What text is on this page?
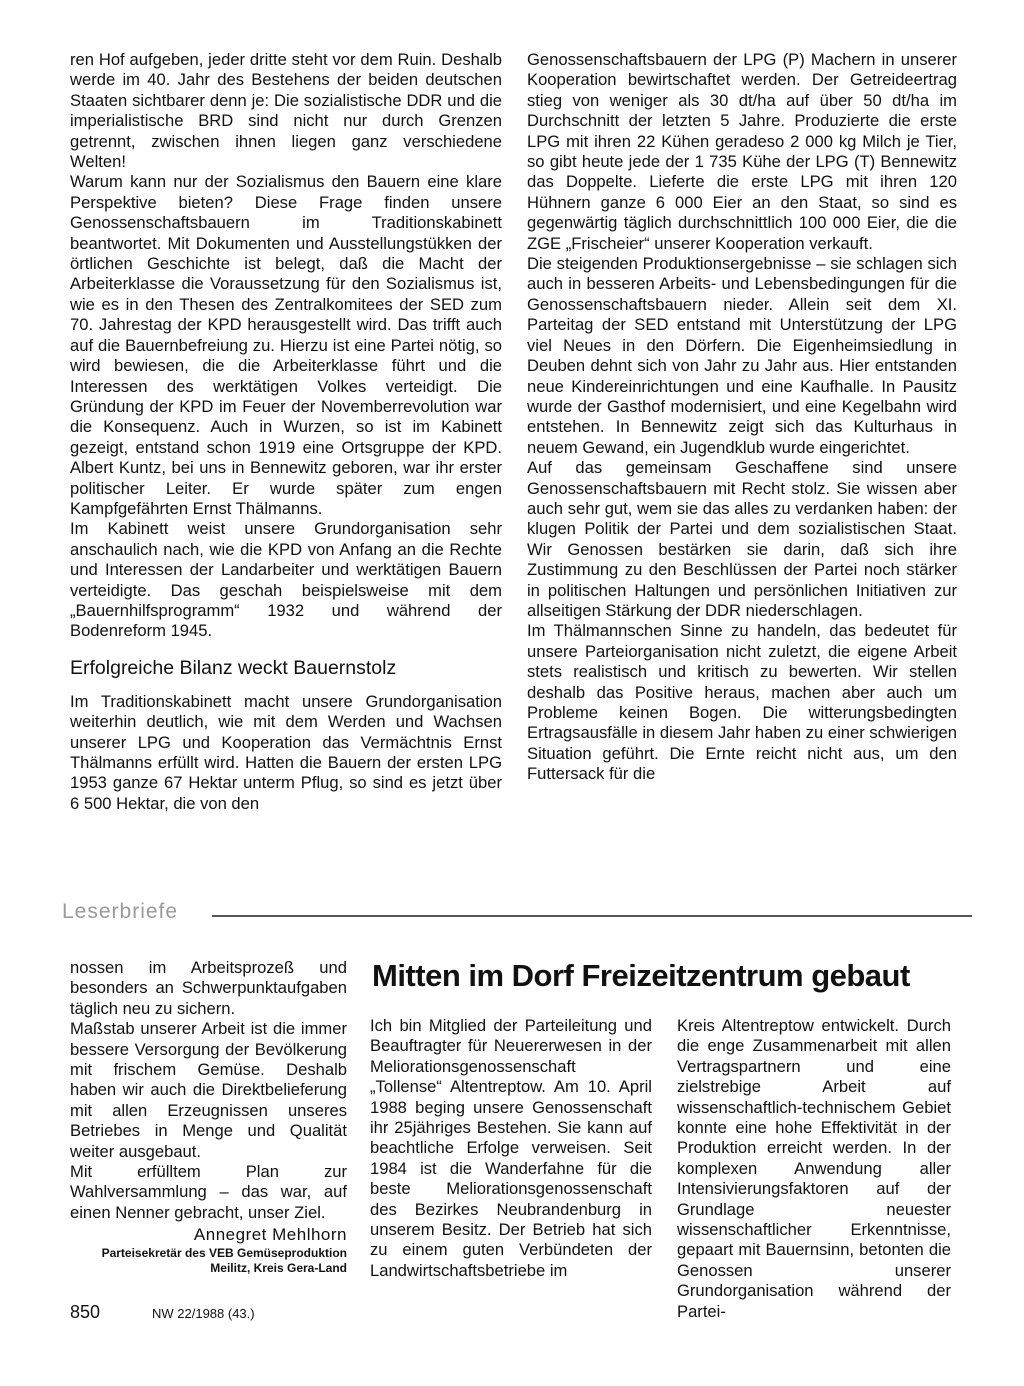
ren Hof aufgeben, jeder dritte steht vor dem Ruin. Deshalb werde im 40. Jahr des Bestehens der beiden deutschen Staaten sichtbarer denn je: Die sozialistische DDR und die imperialistische BRD sind nicht nur durch Grenzen getrennt, zwischen ihnen liegen ganz verschiedene Welten!

Warum kann nur der Sozialismus den Bauern eine klare Perspektive bieten? Diese Frage finden unsere Genossenschaftsbauern im Traditionskabinett beantwortet. Mit Dokumenten und Ausstellungstükken der örtlichen Geschichte ist belegt, daß die Macht der Arbeiterklasse die Voraussetzung für den Sozialismus ist, wie es in den Thesen des Zentralkomitees der SED zum 70. Jahrestag der KPD herausgestellt wird. Das trifft auch auf die Bauernbefreiung zu. Hierzu ist eine Partei nötig, so wird bewiesen, die die Arbeiterklasse führt und die Interessen des werktätigen Volkes verteidigt. Die Gründung der KPD im Feuer der Novemberrevolution war die Konsequenz. Auch in Wurzen, so ist im Kabinett gezeigt, entstand schon 1919 eine Ortsgruppe der KPD. Albert Kuntz, bei uns in Bennewitz geboren, war ihr erster politischer Leiter. Er wurde später zum engen Kampfgefährten Ernst Thälmanns.

Im Kabinett weist unsere Grundorganisation sehr anschaulich nach, wie die KPD von Anfang an die Rechte und Interessen der Landarbeiter und werktätigen Bauern verteidigte. Das geschah beispielsweise mit dem „Bauernhilfsprogramm“ 1932 und während der Bodenreform 1945.

Erfolgreiche Bilanz weckt Bauernstolz

Im Traditionskabinett macht unsere Grundorganisation weiterhin deutlich, wie mit dem Werden und Wachsen unserer LPG und Kooperation das Vermächtnis Ernst Thälmanns erfüllt wird. Hatten die Bauern der ersten LPG 1953 ganze 67 Hektar unterm Pflug, so sind es jetzt über 6 500 Hektar, die von den

Genossenschaftsbauern der LPG (P) Machern in unserer Kooperation bewirtschaftet werden. Der Getreideertrag stieg von weniger als 30 dt/ha auf über 50 dt/ha im Durchschnitt der letzten 5 Jahre. Produzierte die erste LPG mit ihren 22 Kühen geradeso 2 000 kg Milch je Tier, so gibt heute jede der 1 735 Kühe der LPG (T) Bennewitz das Doppelte. Lieferte die erste LPG mit ihren 120 Hühnern ganze 6 000 Eier an den Staat, so sind es gegenwärtig täglich durchschnittlich 100 000 Eier, die die ZGE „Frischeier“ unserer Kooperation verkauft.

Die steigenden Produktionsergebnisse – sie schlagen sich auch in besseren Arbeits- und Lebensbedingungen für die Genossenschaftsbauern nieder. Allein seit dem XI. Parteitag der SED entstand mit Unterstützung der LPG viel Neues in den Dörfern. Die Eigenheimsiedlung in Deuben dehnt sich von Jahr zu Jahr aus. Hier entstanden neue Kindereinrichtungen und eine Kaufhalle. In Pausitz wurde der Gasthof modernisiert, und eine Kegelbahn wird entstehen. In Bennewitz zeigt sich das Kulturhaus in neuem Gewand, ein Jugendklub wurde eingerichtet.

Auf das gemeinsam Geschaffene sind unsere Genossenschaftsbauern mit Recht stolz. Sie wissen aber auch sehr gut, wem sie das alles zu verdanken haben: der klugen Politik der Partei und dem sozialistischen Staat. Wir Genossen bestärken sie darin, daß sich ihre Zustimmung zu den Beschlüssen der Partei noch stärker in politischen Haltungen und persönlichen Initiativen zur allseitigen Stärkung der DDR niederschlagen.

Im Thälmannschen Sinne zu handeln, das bedeutet für unsere Parteiorganisation nicht zuletzt, die eigene Arbeit stets realistisch und kritisch zu bewerten. Wir stellen deshalb das Positive heraus, machen aber auch um Probleme keinen Bogen. Die witterungsbedingten Ertragsausfälle in diesem Jahr haben zu einer schwierigen Situation geführt. Die Ernte reicht nicht aus, um den Futtersack für die

Leserbriefe

nossen im Arbeitsprozeß und besonders an Schwerpunktaufgaben täglich neu zu sichern.

Maßstab unserer Arbeit ist die immer bessere Versorgung der Bevölkerung mit frischem Gemüse. Deshalb haben wir auch die Direktbelieferung mit allen Erzeugnissen unseres Betriebes in Menge und Qualität weiter ausgebaut.

Mit erfülltem Plan zur Wahlversammlung – das war, auf einen Nenner gebracht, unser Ziel.

Annegret Mehlhorn
Parteisekretär des VEB Gemüseproduktion
Meilitz, Kreis Gera-Land
Mitten im Dorf Freizeitzentrum gebaut

Ich bin Mitglied der Parteileitung und Beauftragter für Neuererwesen in der Meliorationsgenossenschaft „Tollense“ Altentreptow. Am 10. April 1988 beging unsere Genossenschaft ihr 25jähriges Bestehen. Sie kann auf beachtliche Erfolge verweisen. Seit 1984 ist die Wanderfahne für die beste Meliorationsgenossenschaft des Bezirkes Neubrandenburg in unserem Besitz. Der Betrieb hat sich zu einem guten Verbündeten der Landwirtschaftsbetriebe im

Kreis Altentreptow entwickelt. Durch die enge Zusammenarbeit mit allen Vertragspartnern und eine zielstrebige Arbeit auf wissenschaftlich-technischem Gebiet konnte eine hohe Effektivität in der Produktion erreicht werden. In der komplexen Anwendung aller Intensivierungsfaktoren auf der Grundlage neuester wissenschaftlicher Erkenntnisse, gepaart mit Bauernsinn, betonten die Genossen unserer Grundorganisation während der Partei-

850	NW 22/1988 (43.)
